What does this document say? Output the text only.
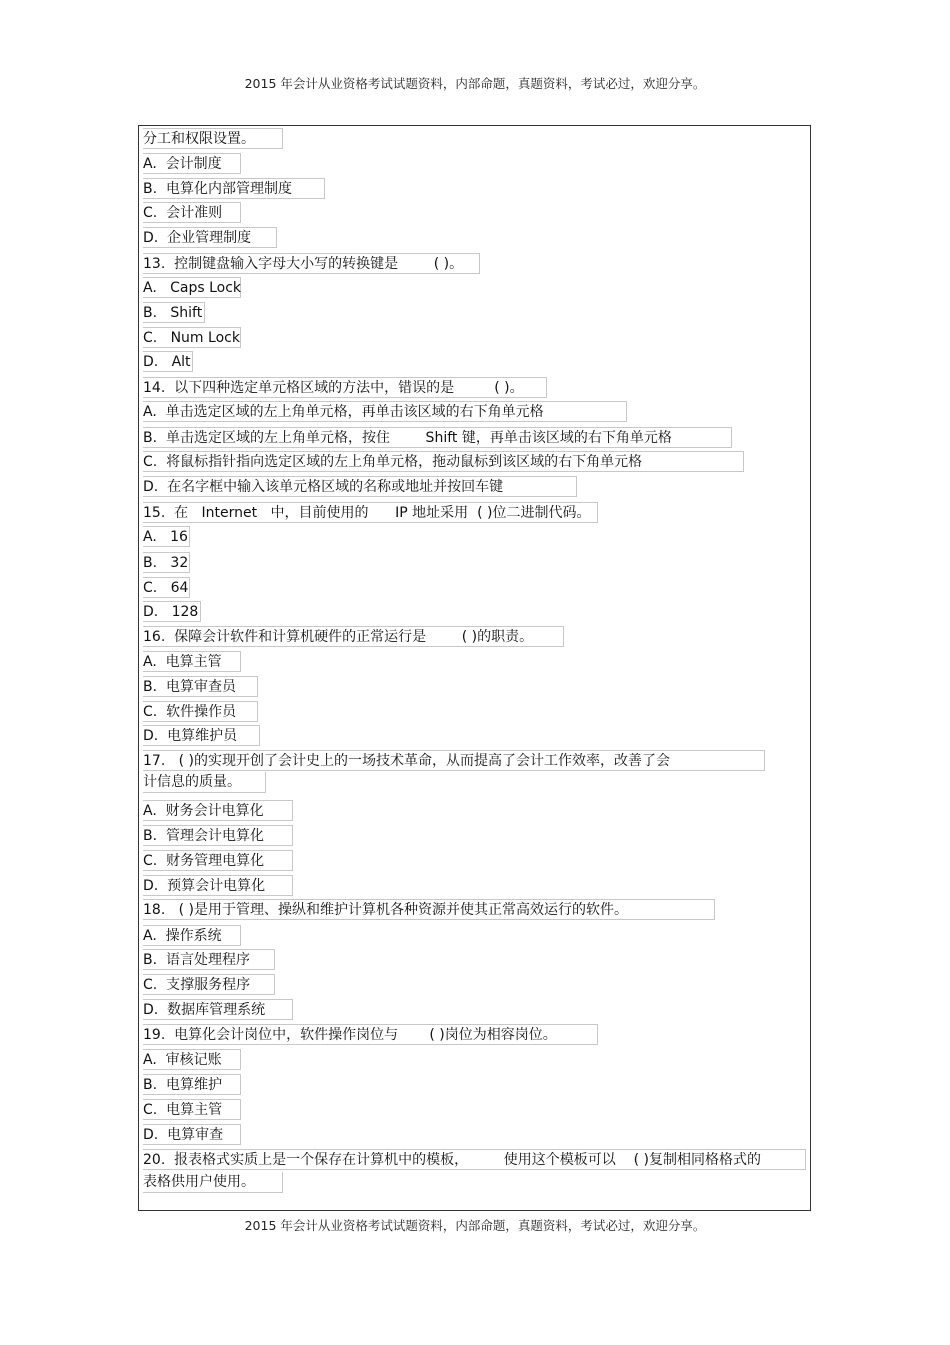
2015 年会计从业资格考试试题资料，内部命题，真题资料，考试必过，欢迎分享。
分工和权限设置。
A.  会计制度
B.  电算化内部管理制度
C.  会计准则
D.  企业管理制度
13.  控制键盘输入字母大小写的转换键是        ( )。
A.   Caps Lock
B.   Shift
C.   Num Lock
D.   Alt
14.  以下四种选定单元格区域的方法中，错误的是         ( )。
A.  单击选定区域的左上角单元格，再单击该区域的右下角单元格
B.  单击选定区域的左上角单元格，按住        Shift 键，再单击该区域的右下角单元格
C.  将鼠标指针指向选定区域的左上角单元格，拖动鼠标到该区域的右下角单元格
D.  在名字框中输入该单元格区域的名称或地址并按回车键
15.  在   Internet   中，目前使用的      IP 地址采用  ( )位二进制代码。
A.   16
B.   32
C.   64
D.   128
16.  保障会计软件和计算机硬件的正常运行是        ( )的职责。
A.  电算主管
B.  电算审查员
C.  软件操作员
D.  电算维护员
17.   ( )的实现开创了会计史上的一场技术革命，从而提高了会计工作效率，改善了会
计信息的质量。
A.  财务会计电算化
B.  管理会计电算化
C.  财务管理电算化
D.  预算会计电算化
18.   ( )是用于管理、操纵和维护计算机各种资源并使其正常高效运行的软件。
A.  操作系统
B.  语言处理程序
C.  支撑服务程序
D.  数据库管理系统
19.  电算化会计岗位中，软件操作岗位与       ( )岗位为相容岗位。
A.  审核记账
B.  电算维护
C.  电算主管
D.  电算审查
20.  报表格式实质上是一个保存在计算机中的模板，        使用这个模板可以    ( )复制相同格格式的
表格供用户使用。
2015 年会计从业资格考试试题资料，内部命题，真题资料，考试必过，欢迎分享。
